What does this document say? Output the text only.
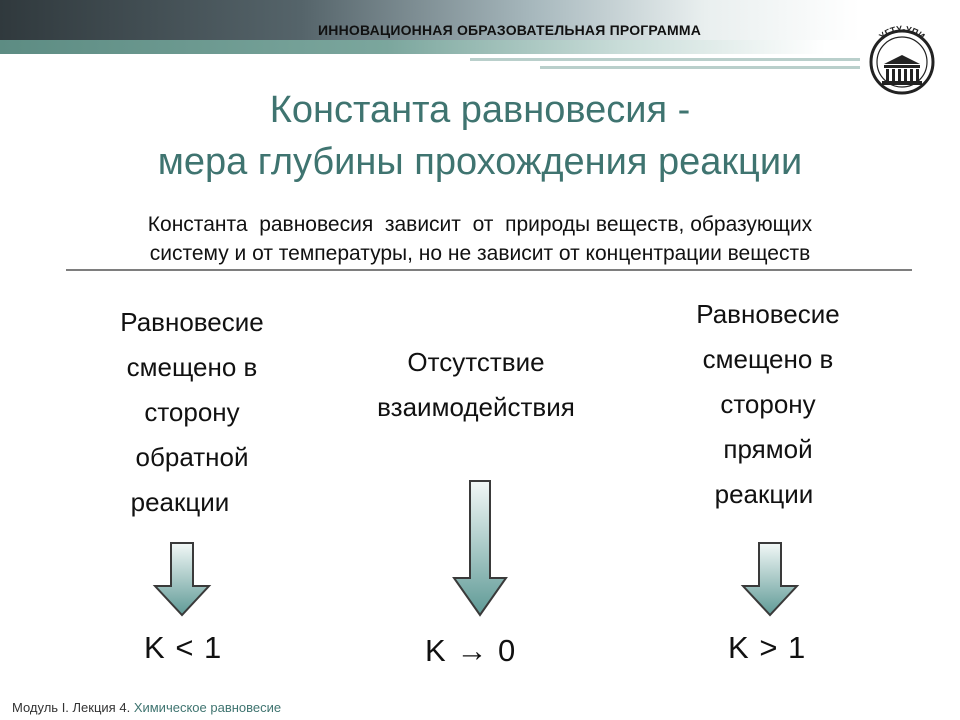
ИННОВАЦИОННАЯ ОБРАЗОВАТЕЛЬНАЯ ПРОГРАММА	УГТУ-УПИ
Константа равновесия -
мера глубины прохождения реакции
Константа  равновесия  зависит  от  природы веществ, образующих
систему и от температуры, но не зависит от концентрации веществ
Равновесие
смещено в
сторону
обратной
реакции
Отсутствие
взаимодействия
Равновесие
смещено в
сторону
прямой
реакции
K < 1	K → 0	K > 1
Модуль I. Лекция 4. Химическое равновесие
